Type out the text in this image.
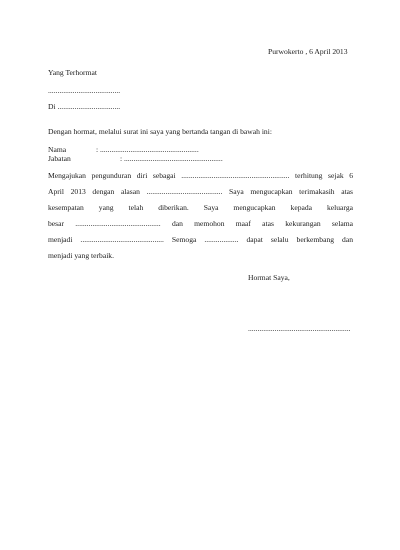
Purwokerto , 6 April 2013
Yang Terhormat
......................................
Di .................................
Dengan hormat, melalui surat ini saya yang bertanda tangan di bawah ini:
Nama	: ....................................................
Jabatan	: ....................................................
Mengajukan pengunduran diri sebagai ......................................................... terhitung sejak 6
April 2013 dengan alasan ........................................ Saya mengucapkan terimakasih atas
kesempatan yang telah diberikan. Saya mengucapkan kepada keluarga
besar ............................................. dan memohon maaf atas kekurangan selama
menjadi ............................................ Semoga .................. dapat selalu berkembang dan
menjadi yang terbaik.
Hormat Saya,
......................................................
